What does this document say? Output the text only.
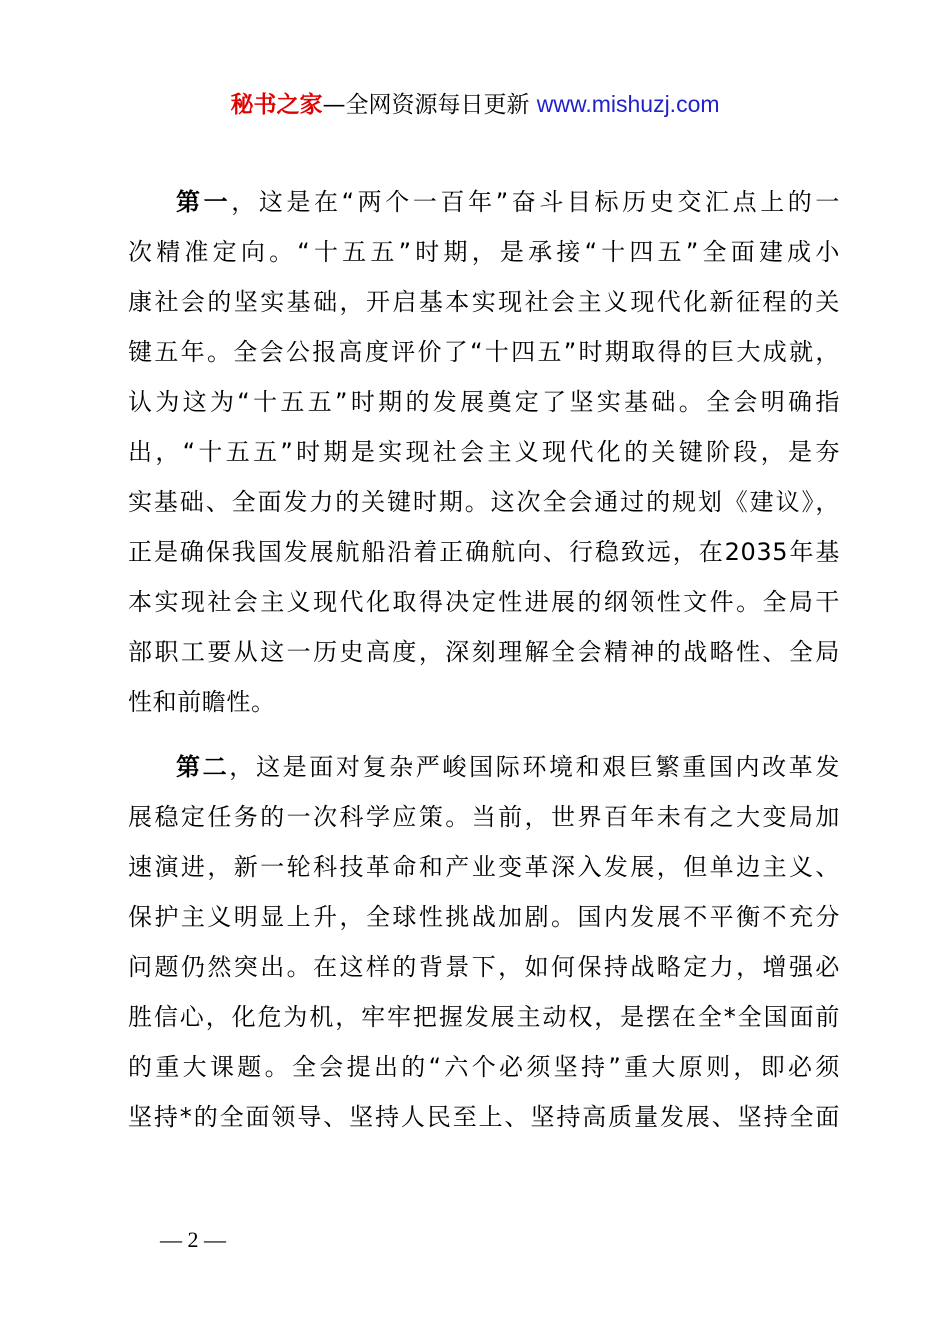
秘书之家—全网资源每日更新 www.mishuzj.com
第一，这是在“两个一百年”奋斗目标历史交汇点上的一
次精准定向。“十五五”时期，是承接“十四五”全面建成小
康社会的坚实基础，开启基本实现社会主义现代化新征程的关
键五年。全会公报高度评价了“十四五”时期取得的巨大成就，
认为这为“十五五”时期的发展奠定了坚实基础。全会明确指
出，“十五五”时期是实现社会主义现代化的关键阶段，是夯
实基础、全面发力的关键时期。这次全会通过的规划《建议》，
正是确保我国发展航船沿着正确航向、行稳致远，在2035年基
本实现社会主义现代化取得决定性进展的纲领性文件。全局干
部职工要从这一历史高度，深刻理解全会精神的战略性、全局
性和前瞻性。
第二，这是面对复杂严峻国际环境和艰巨繁重国内改革发
展稳定任务的一次科学应策。当前，世界百年未有之大变局加
速演进，新一轮科技革命和产业变革深入发展，但单边主义、
保护主义明显上升，全球性挑战加剧。国内发展不平衡不充分
问题仍然突出。在这样的背景下，如何保持战略定力，增强必
胜信心，化危为机，牢牢把握发展主动权，是摆在全*全国面前
的重大课题。全会提出的“六个必须坚持”重大原则，即必须
坚持*的全面领导、坚持人民至上、坚持高质量发展、坚持全面
— 2 —
